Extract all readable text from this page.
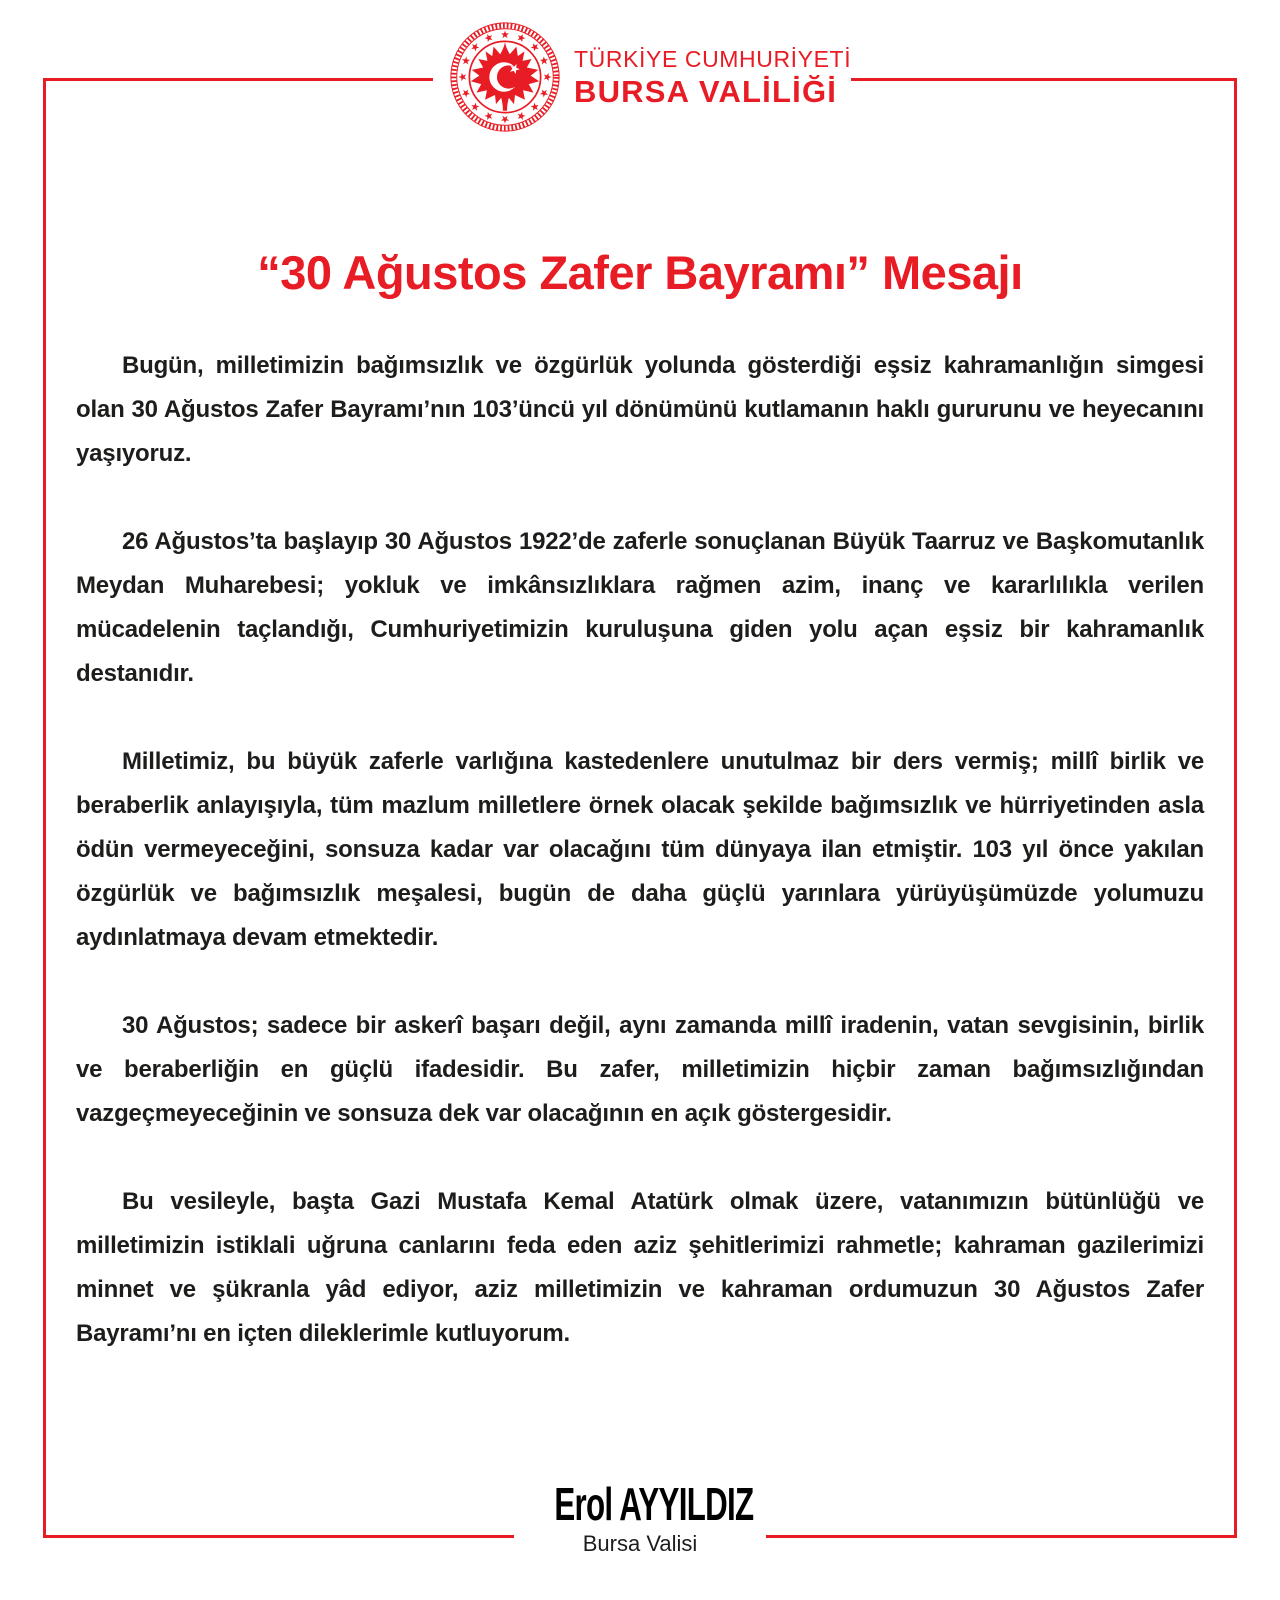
TÜRKİYE CUMHURİYETİ
BURSA VALİLİĞİ
“30 Ağustos Zafer Bayramı” Mesajı

Bugün, milletimizin bağımsızlık ve özgürlük yolunda gösterdiği eşsiz kahramanlığın simgesi olan 30 Ağustos Zafer Bayramı’nın 103’üncü yıl dönümünü kutlamanın haklı gururunu ve heyecanını yaşıyoruz.

26 Ağustos’ta başlayıp 30 Ağustos 1922’de zaferle sonuçlanan Büyük Taarruz ve Başkomutanlık Meydan Muharebesi; yokluk ve imkânsızlıklara rağmen azim, inanç ve kararlılıkla verilen mücadelenin taçlandığı, Cumhuriyetimizin kuruluşuna giden yolu açan eşsiz bir kahramanlık destanıdır.

Milletimiz, bu büyük zaferle varlığına kastedenlere unutulmaz bir ders vermiş; millî birlik ve beraberlik anlayışıyla, tüm mazlum milletlere örnek olacak şekilde bağımsızlık ve hürriyetinden asla ödün vermeyeceğini, sonsuza kadar var olacağını tüm dünyaya ilan etmiştir. 103 yıl önce yakılan özgürlük ve bağımsızlık meşalesi, bugün de daha güçlü yarınlara yürüyüşümüzde yolumuzu aydınlatmaya devam etmektedir.

30 Ağustos; sadece bir askerî başarı değil, aynı zamanda millî iradenin, vatan sevgisinin, birlik ve beraberliğin en güçlü ifadesidir. Bu zafer, milletimizin hiçbir zaman bağımsızlığından vazgeçmeyeceğinin ve sonsuza dek var olacağının en açık göstergesidir.

Bu vesileyle, başta Gazi Mustafa Kemal Atatürk olmak üzere, vatanımızın bütünlüğü ve milletimizin istiklali uğruna canlarını feda eden aziz şehitlerimizi rahmetle; kahraman gazilerimizi minnet ve şükranla yâd ediyor, aziz milletimizin ve kahraman ordumuzun 30 Ağustos Zafer Bayramı’nı en içten dileklerimle kutluyorum.

Erol AYYILDIZ
Bursa Valisi
